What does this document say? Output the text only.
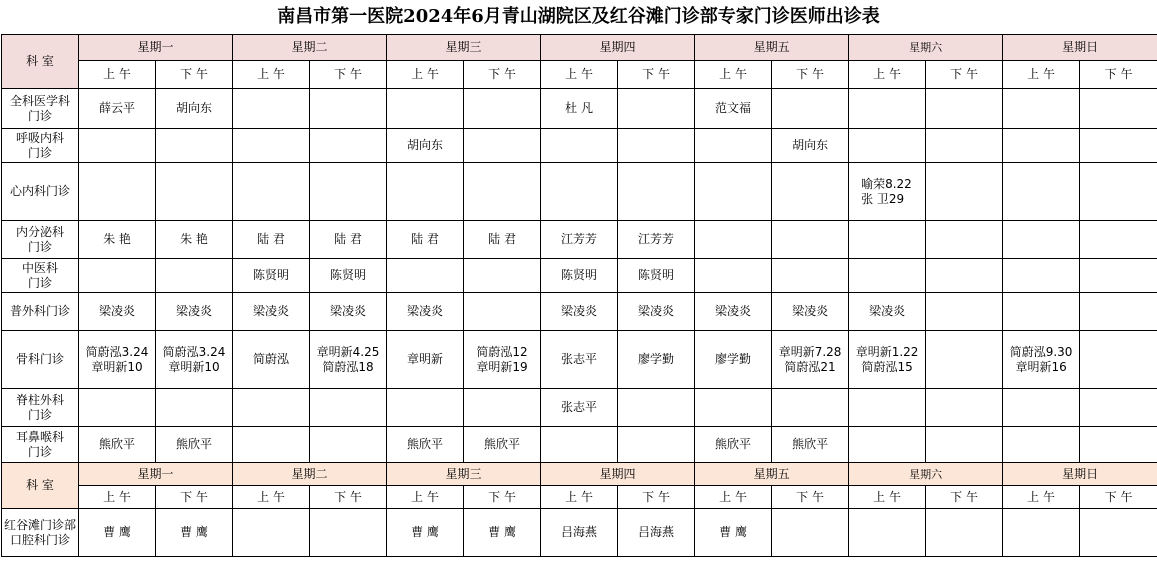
南昌市第一医院2024年6月青山湖院区及红谷滩门诊部专家门诊医师出诊表
科 室	星期一		星期二		星期三		星期四		星期五		星期六		星期日	
	上 午	下 午	上 午	下 午	上 午	下 午	上 午	下 午	上 午	下 午	上 午	下 午	上 午	下 午

全科医学科
门诊	薛云平	胡向东					杜 凡		范文福					

呼吸内科
门诊					胡向东					胡向东				

心内科门诊											喻荣8.22
张 卫29			

内分泌科
门诊	朱 艳	朱 艳	陆 君	陆 君	陆 君	陆 君	江芳芳	江芳芳						

中医科
门诊			陈贤明	陈贤明			陈贤明	陈贤明						

普外科门诊	梁凌炎	梁凌炎	梁凌炎	梁凌炎	梁凌炎		梁凌炎	梁凌炎	梁凌炎	梁凌炎	梁凌炎			

骨科门诊	简蔚泓3.24
章明新10	简蔚泓3.24
章明新10	简蔚泓	章明新4.25
简蔚泓18	章明新	简蔚泓12
章明新19	张志平	廖学勤	廖学勤	章明新7.28
简蔚泓21	章明新1.22
简蔚泓15		简蔚泓9.30
章明新16	

脊柱外科
门诊							张志平							

耳鼻喉科
门诊	熊欣平	熊欣平			熊欣平	熊欣平			熊欣平	熊欣平				

科 室	星期一		星期二		星期三		星期四		星期五		星期六		星期日	
	上 午	下 午	上 午	下 午	上 午	下 午	上 午	下 午	上 午	下 午	上 午	下 午	上 午	下 午

红谷滩门诊部
口腔科门诊	曹 鹰	曹 鹰			曹 鹰	曹 鹰	吕海燕	吕海燕	曹 鹰					
